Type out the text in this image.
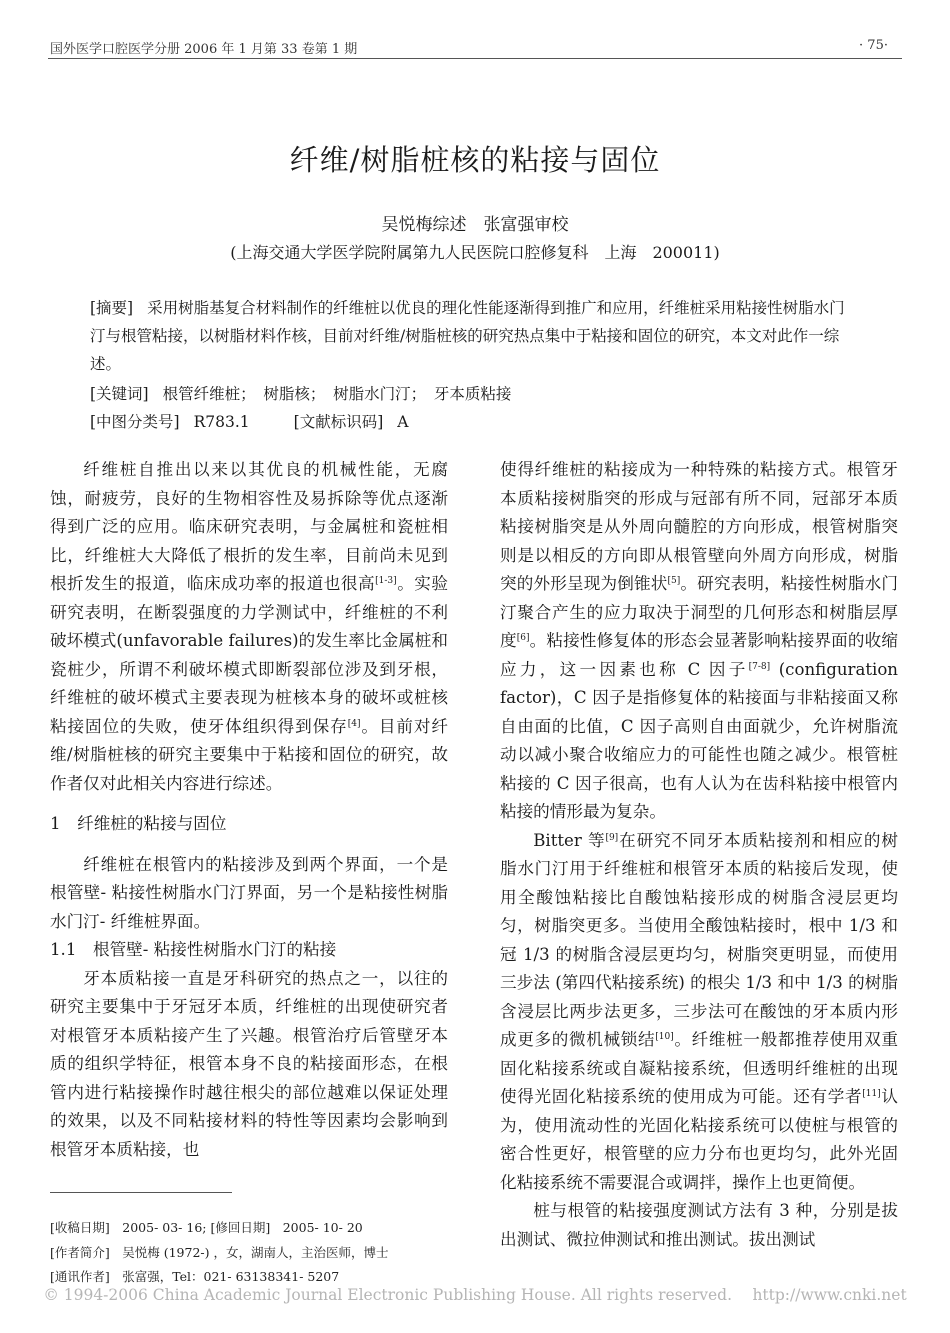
国外医学口腔医学分册 2006 年 1 月第 33 卷第 1 期	· 75·
纤维/树脂桩核的粘接与固位
吴悦梅综述　张富强审校
(上海交通大学医学院附属第九人民医院口腔修复科　上海　200011)
[摘要] 采用树脂基复合材料制作的纤维桩以优良的理化性能逐渐得到推广和应用，纤维桩采用粘接性树脂水门汀与根管粘接，以树脂材料作核，目前对纤维/树脂桩核的研究热点集中于粘接和固位的研究，本文对此作一综述。
[关键词] 根管纤维桩；　树脂核；　树脂水门汀；　牙本质粘接
[中图分类号] R783.1	[文献标识码] A

纤维桩自推出以来以其优良的机械性能，无腐蚀，耐疲劳，良好的生物相容性及易拆除等优点逐渐得到广泛的应用。临床研究表明，与金属桩和瓷桩相比，纤维桩大大降低了根折的发生率，目前尚未见到根折发生的报道，临床成功率的报道也很高[1-3]。实验研究表明，在断裂强度的力学测试中，纤维桩的不利破坏模式(unfavorable failures)的发生率比金属桩和瓷桩少，所谓不利破坏模式即断裂部位涉及到牙根，纤维桩的破坏模式主要表现为桩核本身的破坏或桩核粘接固位的失败，使牙体组织得到保存[4]。目前对纤维/树脂桩核的研究主要集中于粘接和固位的研究，故作者仅对此相关内容进行综述。

1　纤维桩的粘接与固位

纤维桩在根管内的粘接涉及到两个界面，一个是根管壁- 粘接性树脂水门汀界面，另一个是粘接性树脂水门汀- 纤维桩界面。

1.1　根管壁- 粘接性树脂水门汀的粘接

牙本质粘接一直是牙科研究的热点之一，以往的研究主要集中于牙冠牙本质，纤维桩的出现使研究者对根管牙本质粘接产生了兴趣。根管治疗后管壁牙本质的组织学特征，根管本身不良的粘接面形态，在根管内进行粘接操作时越往根尖的部位越难以保证处理的效果，以及不同粘接材料的特性等因素均会影响到根管牙本质粘接，也

使得纤维桩的粘接成为一种特殊的粘接方式。根管牙本质粘接树脂突的形成与冠部有所不同，冠部牙本质粘接树脂突是从外周向髓腔的方向形成，根管树脂突则是以相反的方向即从根管壁向外周方向形成，树脂突的外形呈现为倒锥状[5]。研究表明，粘接性树脂水门汀聚合产生的应力取决于洞型的几何形态和树脂层厚度[6]。粘接性修复体的形态会显著影响粘接界面的收缩应力，这一因素也称 C 因子[7-8] (configuration factor)，C 因子是指修复体的粘接面与非粘接面又称自由面的比值，C 因子高则自由面就少，允许树脂流动以减小聚合收缩应力的可能性也随之减少。根管桩粘接的 C 因子很高，也有人认为在齿科粘接中根管内粘接的情形最为复杂。

Bitter 等[9]在研究不同牙本质粘接剂和相应的树脂水门汀用于纤维桩和根管牙本质的粘接后发现，使用全酸蚀粘接比自酸蚀粘接形成的树脂含浸层更均匀，树脂突更多。当使用全酸蚀粘接时，根中 1/3 和冠 1/3 的树脂含浸层更均匀，树脂突更明显，而使用三步法 (第四代粘接系统) 的根尖 1/3 和中 1/3 的树脂含浸层比两步法更多，三步法可在酸蚀的牙本质内形成更多的微机械锁结[10]。纤维桩一般都推荐使用双重固化粘接系统或自凝粘接系统，但透明纤维桩的出现使得光固化粘接系统的使用成为可能。还有学者[11]认为，使用流动性的光固化粘接系统可以使桩与根管的密合性更好，根管壁的应力分布也更均匀，此外光固化粘接系统不需要混合或调拌，操作上也更简便。

桩与根管的粘接强度测试方法有 3 种，分别是拔出测试、微拉伸测试和推出测试。拔出测试

[收稿日期]　2005- 03- 16; [修回日期]　2005- 10- 20
[作者简介]　吴悦梅 (1972-) ，女，湖南人，主治医师，博士
[通讯作者]　张富强，Tel：021- 63138341- 5207
© 1994-2006 China Academic Journal Electronic Publishing House. All rights reserved.　 http://www.cnki.net
